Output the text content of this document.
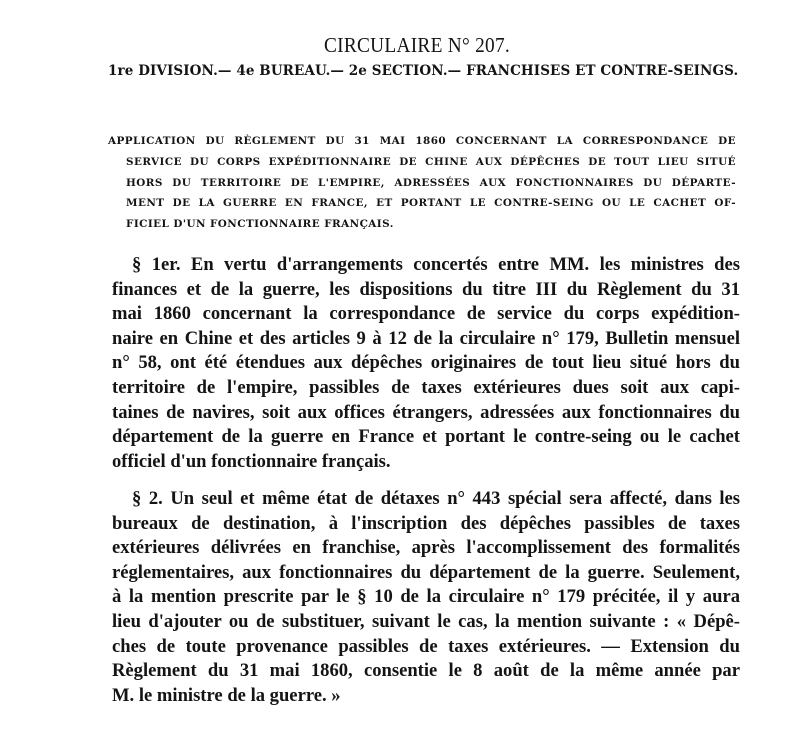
CIRCULAIRE N° 207.
1re DIVISION. — 4e BUREAU. — 2e SECTION. — FRANCHISES ET CONTRE-SEINGS.
APPLICATION DU RÈGLEMENT DU 31 MAI 1860 CONCERNANT LA CORRESPONDANCE DE
SERVICE DU CORPS EXPÉDITIONNAIRE DE CHINE AUX DÉPÊCHES DE TOUT LIEU SITUÉ
HORS DU TERRITOIRE DE L'EMPIRE, ADRESSÉES AUX FONCTIONNAIRES DU DÉPARTE-
MENT DE LA GUERRE EN FRANCE, ET PORTANT LE CONTRE-SEING OU LE CACHET OF-
FICIEL D'UN FONCTIONNAIRE FRANÇAIS.
§ 1er. En vertu d'arrangements concertés entre MM. les ministres des
finances et de la guerre, les dispositions du titre III du Règlement du 31
mai 1860 concernant la correspondance de service du corps expédition-
naire en Chine et des articles 9 à 12 de la circulaire n° 179, Bulletin mensuel
n° 58, ont été étendues aux dépêches originaires de tout lieu situé hors du
territoire de l'empire, passibles de taxes extérieures dues soit aux capi-
taines de navires, soit aux offices étrangers, adressées aux fonctionnaires du
département de la guerre en France et portant le contre-seing ou le cachet
officiel d'un fonctionnaire français.
§ 2. Un seul et même état de détaxes n° 443 spécial sera affecté, dans les
bureaux de destination, à l'inscription des dépêches passibles de taxes
extérieures délivrées en franchise, après l'accomplissement des formalités
réglementaires, aux fonctionnaires du département de la guerre. Seulement,
à la mention prescrite par le § 10 de la circulaire n° 179 précitée, il y aura
lieu d'ajouter ou de substituer, suivant le cas, la mention suivante : « Dépê-
ches de toute provenance passibles de taxes extérieures. — Extension du
Règlement du 31 mai 1860, consentie le 8 août de la même année par
M. le ministre de la guerre. »
